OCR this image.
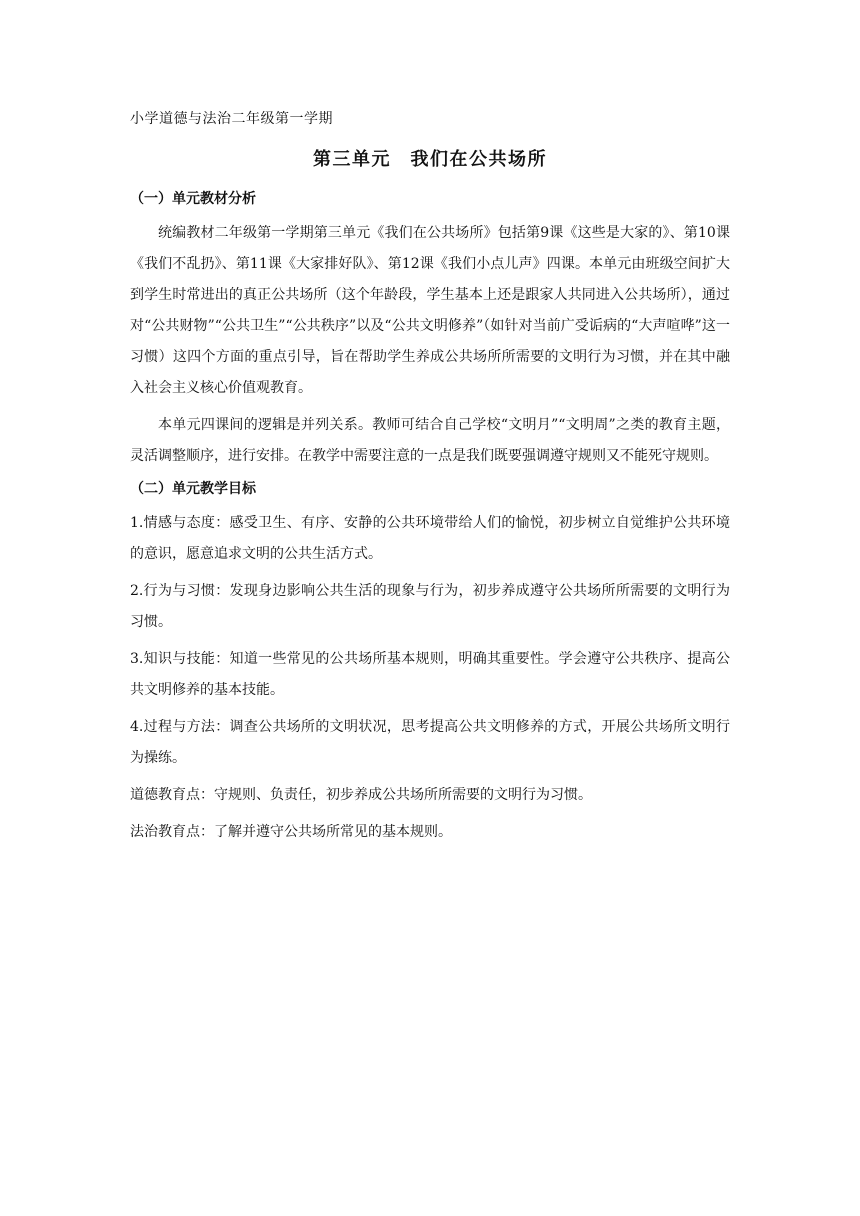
小学道德与法治二年级第一学期
第三单元　我们在公共场所
（一）单元教材分析

统编教材二年级第一学期第三单元《我们在公共场所》包括第9课《这些是大家的》、第10课《我们不乱扔》、第11课《大家排好队》、第12课《我们小点儿声》四课。本单元由班级空间扩大到学生时常进出的真正公共场所（这个年龄段，学生基本上还是跟家人共同进入公共场所），通过对“公共财物”“公共卫生”“公共秩序”以及“公共文明修养”（如针对当前广受诟病的“大声喧哗”这一习惯）这四个方面的重点引导，旨在帮助学生养成公共场所所需要的文明行为习惯，并在其中融入社会主义核心价值观教育。

本单元四课间的逻辑是并列关系。教师可结合自己学校“文明月”“文明周”之类的教育主题，灵活调整顺序，进行安排。在教学中需要注意的一点是我们既要强调遵守规则又不能死守规则。

（二）单元教学目标

1.情感与态度：感受卫生、有序、安静的公共环境带给人们的愉悦，初步树立自觉维护公共环境的意识，愿意追求文明的公共生活方式。

2.行为与习惯：发现身边影响公共生活的现象与行为，初步养成遵守公共场所所需要的文明行为习惯。

3.知识与技能：知道一些常见的公共场所基本规则，明确其重要性。学会遵守公共秩序、提高公共文明修养的基本技能。

4.过程与方法：调查公共场所的文明状况，思考提高公共文明修养的方式，开展公共场所文明行为操练。

道德教育点：守规则、负责任，初步养成公共场所所需要的文明行为习惯。

法治教育点：了解并遵守公共场所常见的基本规则。
